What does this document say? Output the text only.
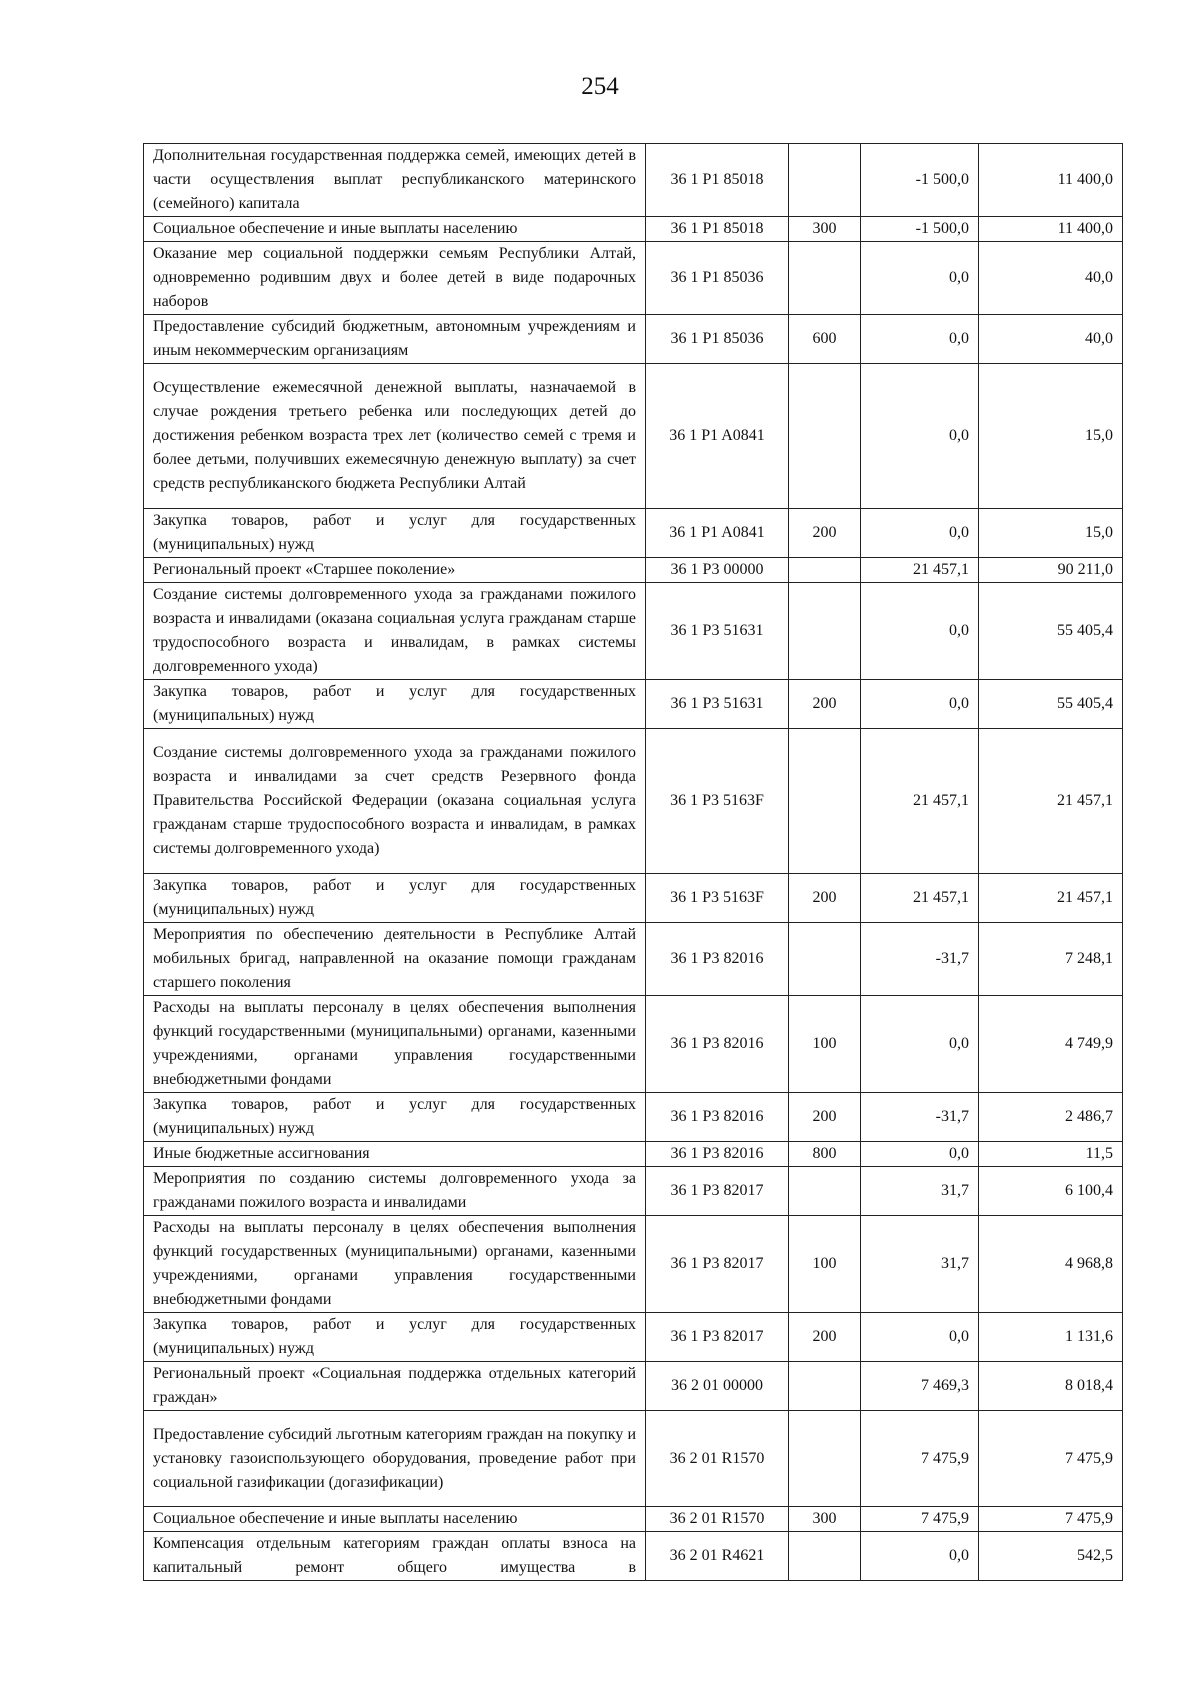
254
Дополнительная государственная поддержка семей, имеющих детей в части осуществления выплат республиканского материнского (семейного) капитала	36 1 P1 85018		-1 500,0	11 400,0
Социальное обеспечение и иные выплаты населению	36 1 P1 85018	300	-1 500,0	11 400,0
Оказание мер социальной поддержки семьям Республики Алтай, одновременно родившим двух и более детей в виде подарочных наборов	36 1 P1 85036		0,0	40,0
Предоставление субсидий бюджетным, автономным учреждениям и иным некоммерческим организациям	36 1 P1 85036	600	0,0	40,0
Осуществление ежемесячной денежной выплаты, назначаемой в случае рождения третьего ребенка или последующих детей до достижения ребенком возраста трех лет (количество семей с тремя и более детьми, получивших ежемесячную денежную выплату) за счет средств республиканского бюджета Республики Алтай	36 1 P1 A0841		0,0	15,0
Закупка товаров, работ и услуг для государственных (муниципальных) нужд	36 1 P1 A0841	200	0,0	15,0
Региональный проект «Старшее поколение»	36 1 P3 00000		21 457,1	90 211,0
Создание системы долговременного ухода за гражданами пожилого возраста и инвалидами (оказана социальная услуга гражданам старше трудоспособного возраста и инвалидам, в рамках системы долговременного ухода)	36 1 P3 51631		0,0	55 405,4
Закупка товаров, работ и услуг для государственных (муниципальных) нужд	36 1 P3 51631	200	0,0	55 405,4
Создание системы долговременного ухода за гражданами пожилого возраста и инвалидами за счет средств Резервного фонда Правительства Российской Федерации (оказана социальная услуга гражданам старше трудоспособного возраста и инвалидам, в рамках системы долговременного ухода)	36 1 P3 5163F		21 457,1	21 457,1
Закупка товаров, работ и услуг для государственных (муниципальных) нужд	36 1 P3 5163F	200	21 457,1	21 457,1
Мероприятия по обеспечению деятельности в Республике Алтай мобильных бригад, направленной на оказание помощи гражданам старшего поколения	36 1 P3 82016		-31,7	7 248,1
Расходы на выплаты персоналу в целях обеспечения выполнения функций государственными (муниципальными) органами, казенными учреждениями, органами управления государственными внебюджетными фондами	36 1 P3 82016	100	0,0	4 749,9
Закупка товаров, работ и услуг для государственных (муниципальных) нужд	36 1 P3 82016	200	-31,7	2 486,7
Иные бюджетные ассигнования	36 1 P3 82016	800	0,0	11,5
Мероприятия по созданию системы долговременного ухода за гражданами пожилого возраста и инвалидами	36 1 P3 82017		31,7	6 100,4
Расходы на выплаты персоналу в целях обеспечения выполнения функций государственных (муниципальными) органами, казенными учреждениями, органами управления государственными внебюджетными фондами	36 1 P3 82017	100	31,7	4 968,8
Закупка товаров, работ и услуг для государственных (муниципальных) нужд	36 1 P3 82017	200	0,0	1 131,6
Региональный проект «Социальная поддержка отдельных категорий граждан»	36 2 01 00000		7 469,3	8 018,4
Предоставление субсидий льготным категориям граждан на покупку и установку газоиспользующего оборудования, проведение работ при социальной газификации (догазификации)	36 2 01 R1570		7 475,9	7 475,9
Социальное обеспечение и иные выплаты населению	36 2 01 R1570	300	7 475,9	7 475,9
Компенсация отдельным категориям граждан оплаты взноса на капитальный ремонт общего имущества в	36 2 01 R4621		0,0	542,5
